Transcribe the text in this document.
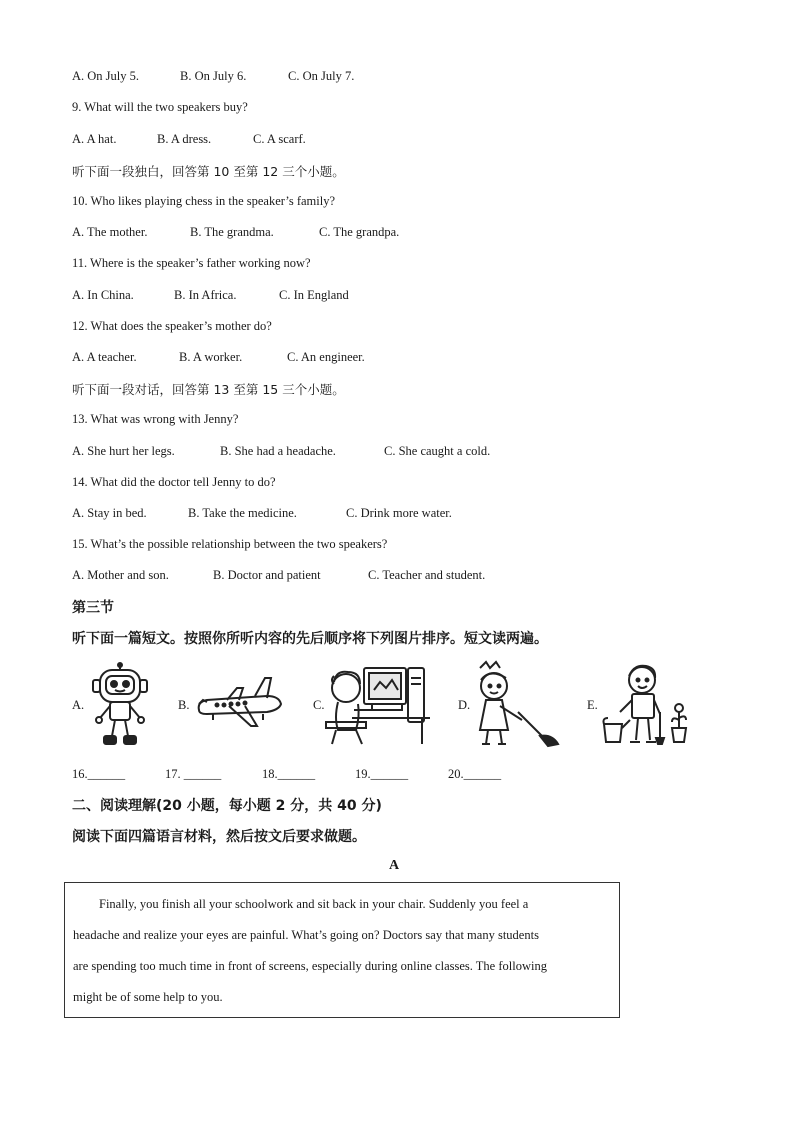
A. On July 5.	B. On July 6.	C. On July 7.
9. What will the two speakers buy?
A. A hat.	B. A dress.	C. A scarf.
听下面一段独白，回答第 10 至第 12 三个小题。
10. Who likes playing chess in the speaker’s family?
A. The mother.	B. The grandma.	C. The grandpa.
11. Where is the speaker’s father working now?
A. In China.	B. In Africa.	C. In England
12. What does the speaker’s mother do?
A. A teacher.	B. A worker.	C. An engineer.
听下面一段对话，回答第 13 至第 15 三个小题。
13. What was wrong with Jenny?
A. She hurt her legs.	B. She had a headache.	C. She caught a cold.
14. What did the doctor tell Jenny to do?
A. Stay in bed.	B. Take the medicine.	C. Drink more water.
15. What’s the possible relationship between the two speakers?
A. Mother and son.	B. Doctor and patient	C. Teacher and student.
第三节
听下面一篇短文。按照你所听内容的先后顺序将下列图片排序。短文读两遍。
A.	B.	C.	D.	E.
16.______	17. ______	18.______	19.______	20.______
二、阅读理解(20 小题，每小题 2 分，共 40 分)
阅读下面四篇语言材料，然后按文后要求做题。
A
Finally, you finish all your schoolwork and sit back in your chair. Suddenly you feel a
headache and realize your eyes are painful. What’s going on? Doctors say that many students
are spending too much time in front of screens, especially during online classes. The following
might be of some help to you.
